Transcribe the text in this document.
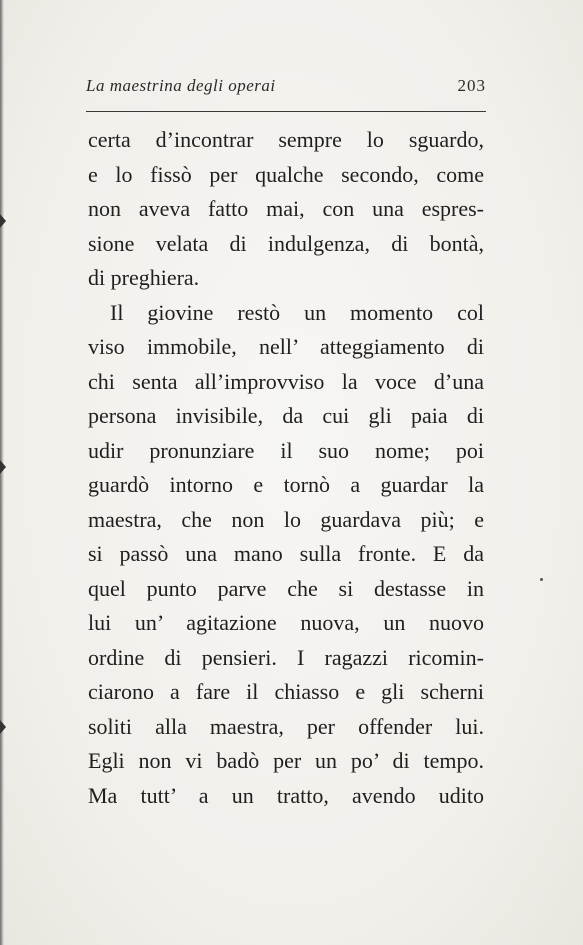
La maestrina degli operai	203
certa d’incontrar sempre lo sguardo,
e lo fissò per qualche secondo, come
non aveva fatto mai, con una espres-
sione velata di indulgenza, di bontà,
di preghiera.
Il giovine restò un momento col
viso immobile, nell’ atteggiamento di
chi senta all’improvviso la voce d’una
persona invisibile, da cui gli paia di
udir pronunziare il suo nome; poi
guardò intorno e tornò a guardar la
maestra, che non lo guardava più; e
si passò una mano sulla fronte. E da
quel punto parve che si destasse in
lui un’ agitazione nuova, un nuovo
ordine di pensieri. I ragazzi ricomin-
ciarono a fare il chiasso e gli scherni
soliti alla maestra, per offender lui.
Egli non vi badò per un po’ di tempo.
Ma tutt’ a un tratto, avendo udito
